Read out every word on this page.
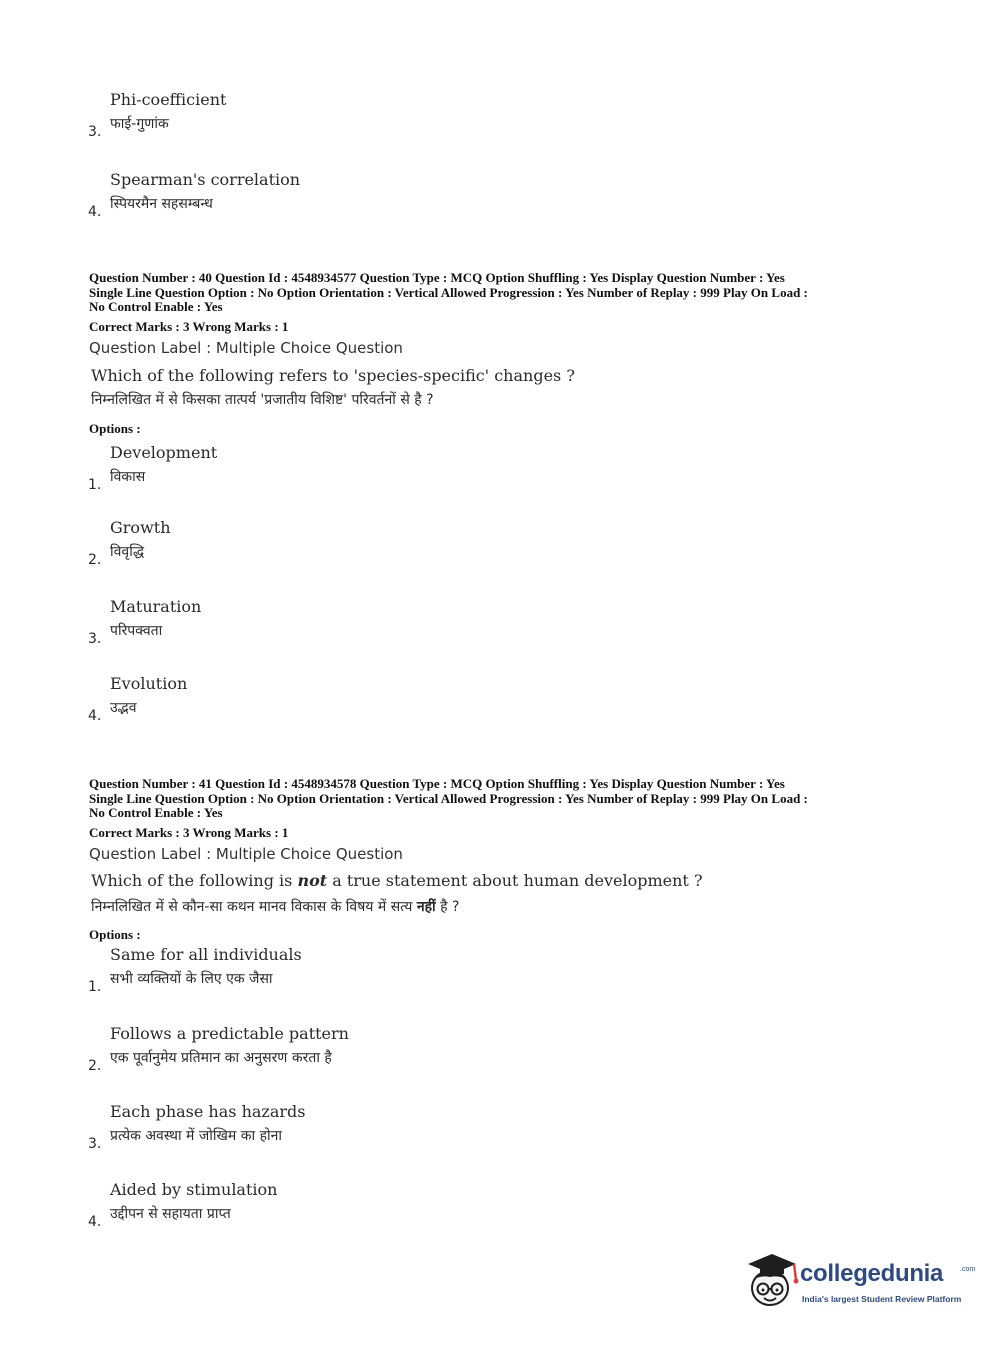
Phi-coefficient
फाई-गुणांक
3.
Spearman's correlation
स्पियरमैन सहसम्बन्ध
4.
Question Number : 40 Question Id : 4548934577 Question Type : MCQ Option Shuffling : Yes Display Question Number : Yes
Single Line Question Option : No Option Orientation : Vertical Allowed Progression : Yes Number of Replay : 999 Play On Load :
No Control Enable : Yes
Correct Marks : 3 Wrong Marks : 1
Question Label : Multiple Choice Question
Which of the following refers to 'species-specific' changes ?
निम्नलिखित में से किसका तात्पर्य 'प्रजातीय विशिष्ट' परिवर्तनों से है ?
Options :
Development
विकास
1.
Growth
विवृद्धि
2.
Maturation
परिपक्वता
3.
Evolution
उद्भव
4.
Question Number : 41 Question Id : 4548934578 Question Type : MCQ Option Shuffling : Yes Display Question Number : Yes
Single Line Question Option : No Option Orientation : Vertical Allowed Progression : Yes Number of Replay : 999 Play On Load :
No Control Enable : Yes
Correct Marks : 3 Wrong Marks : 1
Question Label : Multiple Choice Question
Which of the following is not a true statement about human development ?
निम्नलिखित में से कौन-सा कथन मानव विकास के विषय में सत्य नहीं है ?
Options :
Same for all individuals
सभी व्यक्तियों के लिए एक जैसा
1.
Follows a predictable pattern
एक पूर्वानुमेय प्रतिमान का अनुसरण करता है
2.
Each phase has hazards
प्रत्येक अवस्था में जोखिम का होना
3.
Aided by stimulation
उद्दीपन से सहायता प्राप्त
4.
collegedunia .com
India's largest Student Review Platform
